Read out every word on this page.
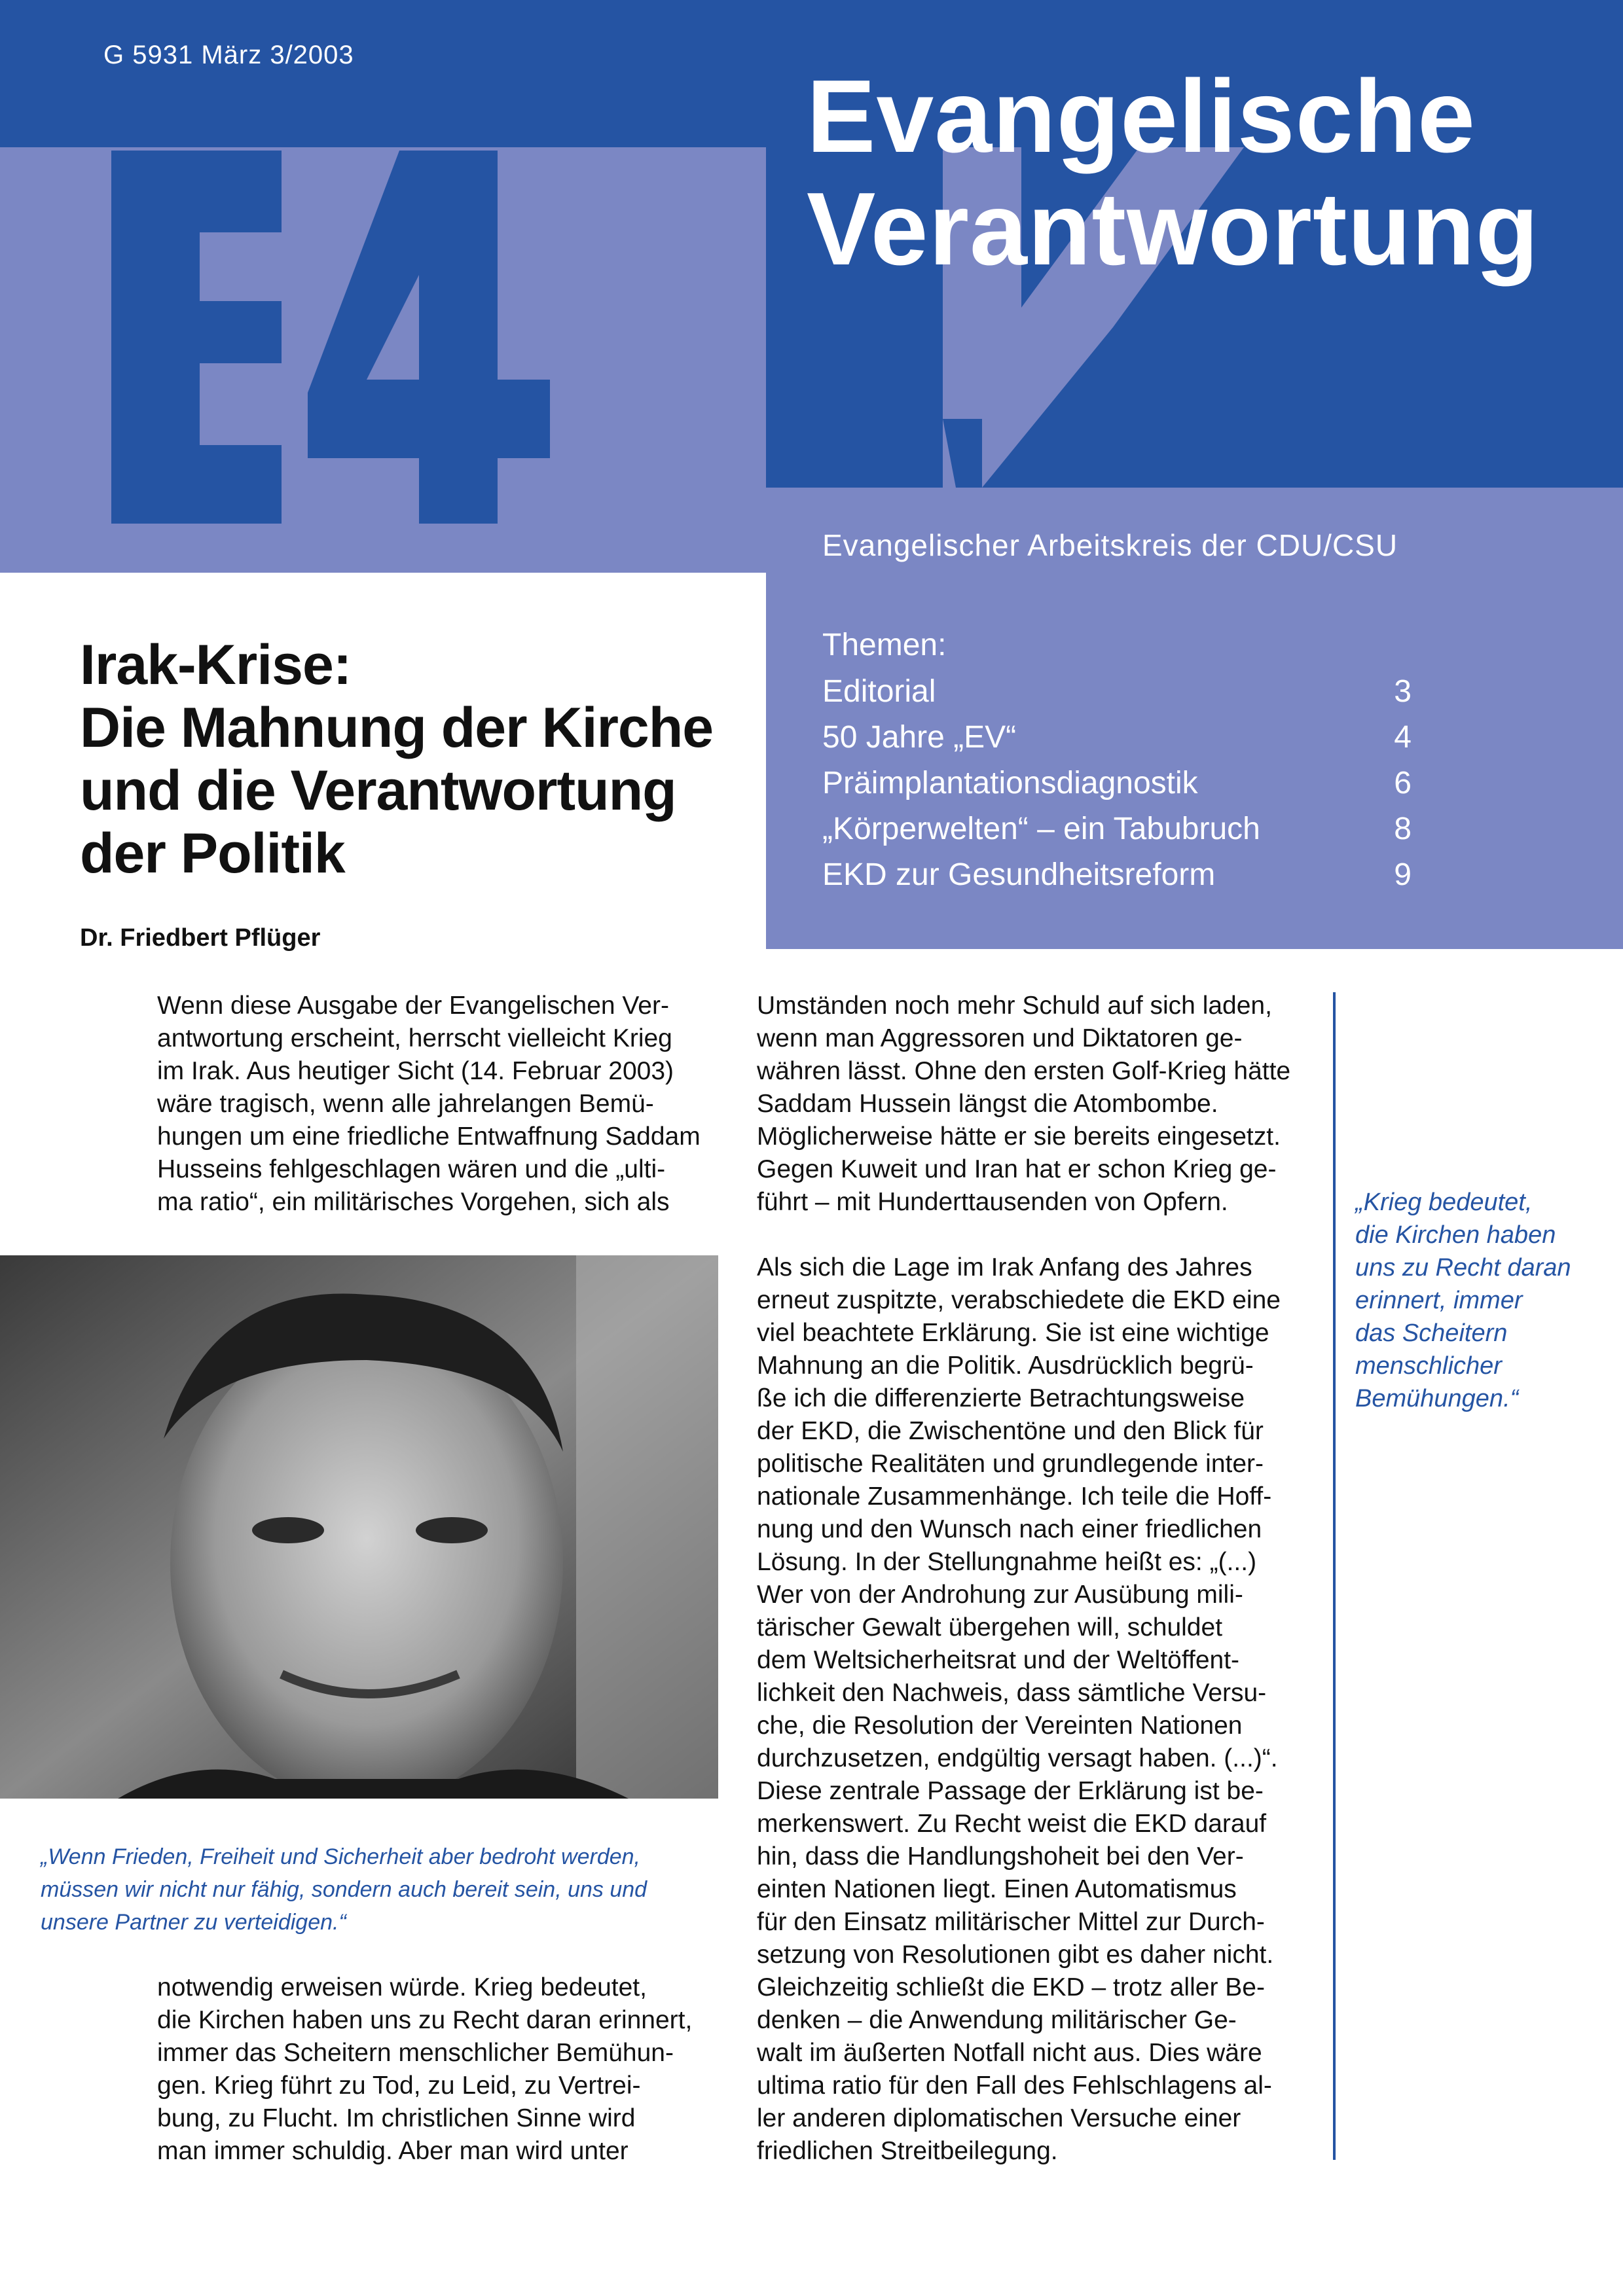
G 5931 März 3/2003
Evangelische
Verantwortung
Evangelischer Arbeitskreis der CDU/CSU
Themen:
Editorial	3
50 Jahre „EV“	4
Präimplantationsdiagnostik	6
„Körperwelten“ – ein Tabubruch	8
EKD zur Gesundheitsreform	9
Irak-Krise:
Die Mahnung der Kirche
und die Verantwortung
der Politik
Dr. Friedbert Pflüger
Wenn diese Ausgabe der Evangelischen Ver-
antwortung erscheint, herrscht vielleicht Krieg
im Irak. Aus heutiger Sicht (14. Februar 2003)
wäre tragisch, wenn alle jahrelangen Bemü-
hungen um eine friedliche Entwaffnung Saddam
Husseins fehlgeschlagen wären und die „ulti-
ma ratio“, ein militärisches Vorgehen, sich als
„Wenn Frieden, Freiheit und Sicherheit aber bedroht werden,
müssen wir nicht nur fähig, sondern auch bereit sein, uns und
unsere Partner zu verteidigen.“
notwendig erweisen würde. Krieg bedeutet,
die Kirchen haben uns zu Recht daran erinnert,
immer das Scheitern menschlicher Bemühun-
gen. Krieg führt zu Tod, zu Leid, zu Vertrei-
bung, zu Flucht. Im christlichen Sinne wird
man immer schuldig. Aber man wird unter
Umständen noch mehr Schuld auf sich laden,
wenn man Aggressoren und Diktatoren ge-
währen lässt. Ohne den ersten Golf-Krieg hätte
Saddam Hussein längst die Atombombe.
Möglicherweise hätte er sie bereits eingesetzt.
Gegen Kuweit und Iran hat er schon Krieg ge-
führt – mit Hunderttausenden von Opfern.

Als sich die Lage im Irak Anfang des Jahres
erneut zuspitzte, verabschiedete die EKD eine
viel beachtete Erklärung. Sie ist eine wichtige
Mahnung an die Politik. Ausdrücklich begrü-
ße ich die differenzierte Betrachtungsweise
der EKD, die Zwischentöne und den Blick für
politische Realitäten und grundlegende inter-
nationale Zusammenhänge. Ich teile die Hoff-
nung und den Wunsch nach einer friedlichen
Lösung. In der Stellungnahme heißt es: „(...)
Wer von der Androhung zur Ausübung mili-
tärischer Gewalt übergehen will, schuldet
dem Weltsicherheitsrat und der Weltöffent-
lichkeit den Nachweis, dass sämtliche Versu-
che, die Resolution der Vereinten Nationen
durchzusetzen, endgültig versagt haben. (...)“.
Diese zentrale Passage der Erklärung ist be-
merkenswert. Zu Recht weist die EKD darauf
hin, dass die Handlungshoheit bei den Ver-
einten Nationen liegt. Einen Automatismus
für den Einsatz militärischer Mittel zur Durch-
setzung von Resolutionen gibt es daher nicht.
Gleichzeitig schließt die EKD – trotz aller Be-
denken – die Anwendung militärischer Ge-
walt im äußerten Notfall nicht aus. Dies wäre
ultima ratio für den Fall des Fehlschlagens al-
ler anderen diplomatischen Versuche einer
friedlichen Streitbeilegung.
„Krieg bedeutet,
die Kirchen haben
uns zu Recht daran
erinnert, immer
das Scheitern
menschlicher
Bemühungen.“
